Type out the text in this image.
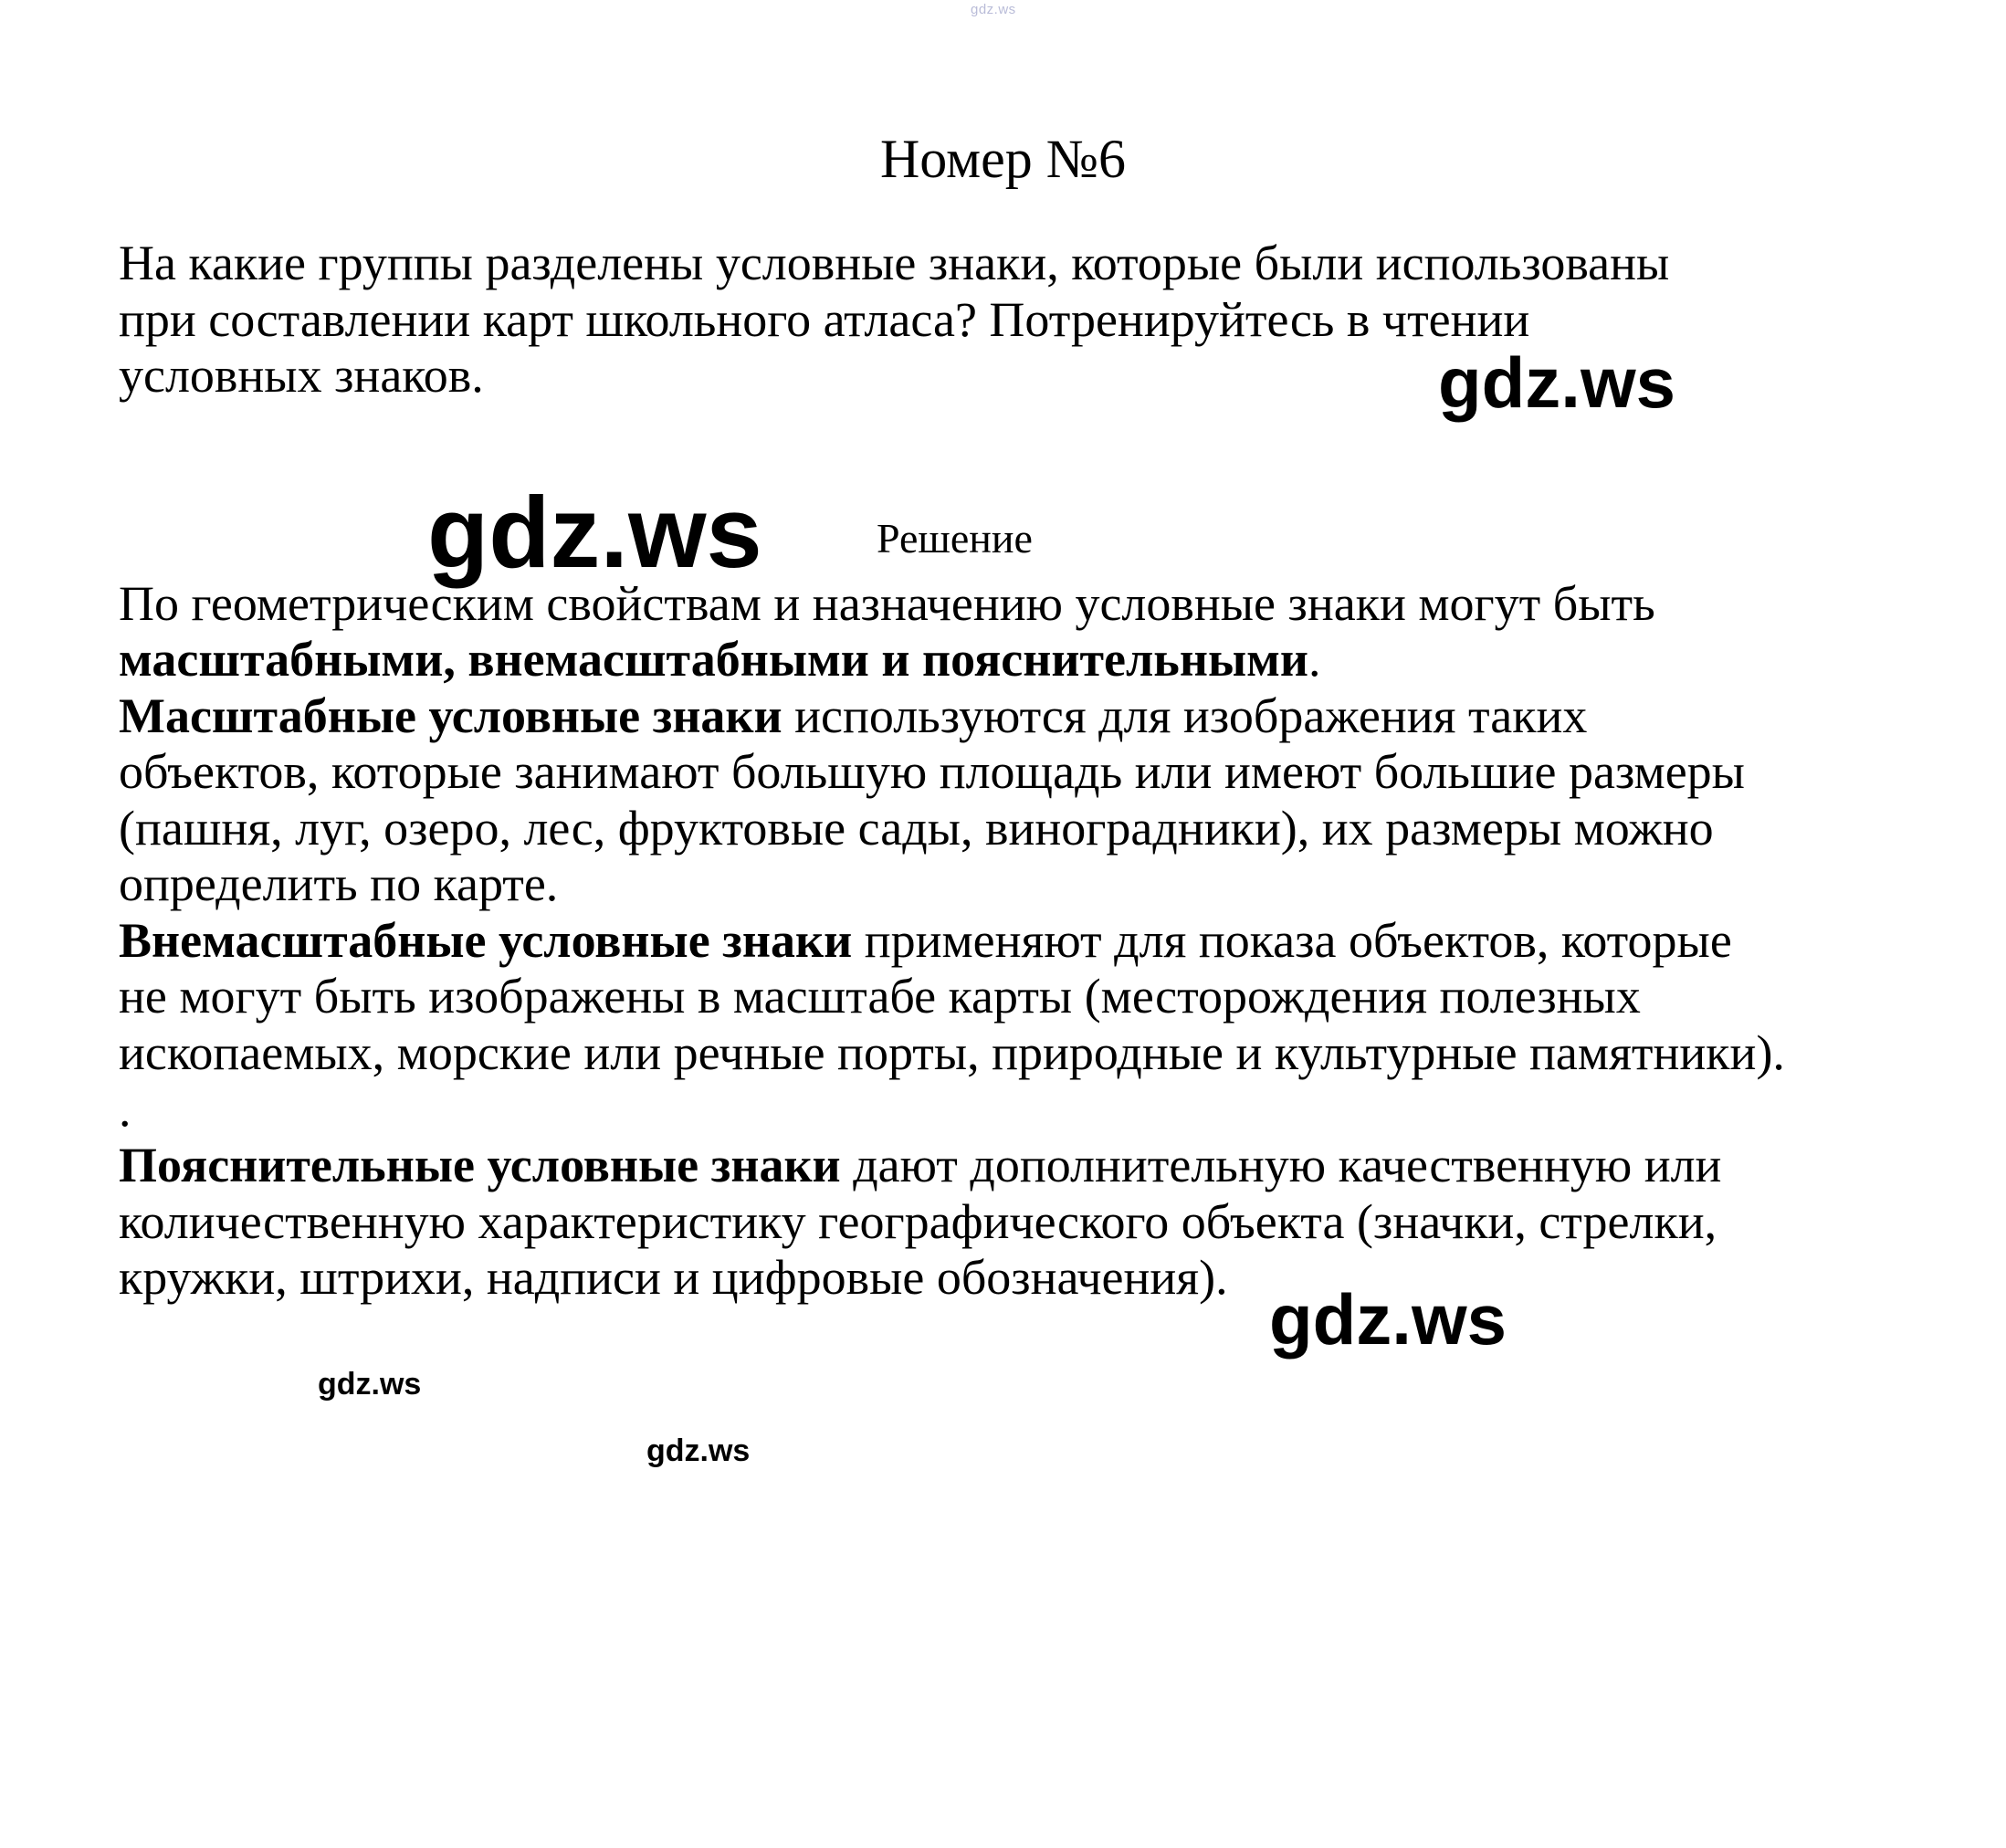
gdz.ws
Номер №6

На какие группы разделены условные знаки, которые были использованы при составлении карт школьного атласа? Потренируйтесь в чтении условных знаков.

Решение

По геометрическим свойствам и назначению условные знаки могут быть масштабными, внемасштабными и пояснительными.

Масштабные условные знаки используются для изображения таких объектов, которые занимают большую площадь или имеют большие размеры (пашня, луг, озеро, лес, фруктовые сады, виноградники), их размеры можно определить по карте.

Внемасштабные условные знаки применяют для показа объектов, которые не могут быть изображены в масштабе карты (месторождения полезных ископаемых, морские или речные порты, природные и культурные памятники). .

Пояснительные условные знаки дают дополнительную качественную или количественную характеристику географического объекта (значки, стрелки, кружки, штрихи, надписи и цифровые обозначения).

gdz.ws
gdz.ws
gdz.ws
gdz.ws
gdz.ws
